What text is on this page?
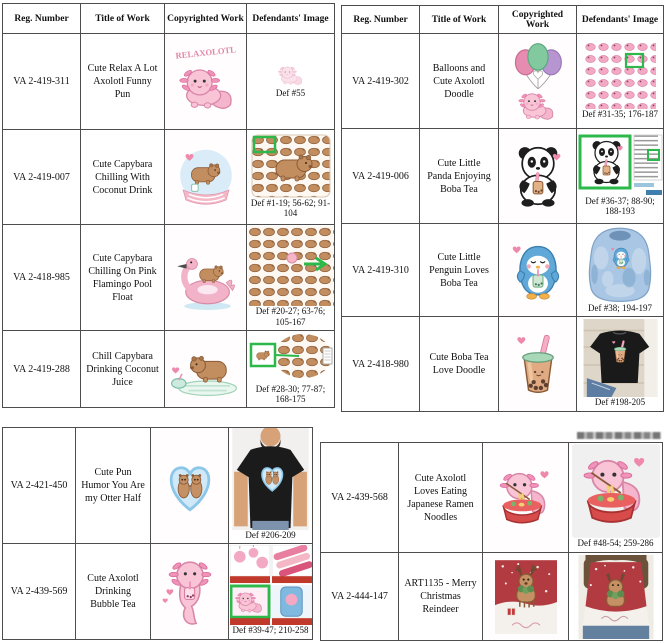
Reg. Number	Title of Work	Copyrighted Work	Defendants' Image
VA 2-419-311	Cute Relax A Lot Axolotl Funny Pun	RELAXOLOTL	Def #55

VA 2-419-007	Cute Capybara Chilling With Coconut Drink		Def #1-19; 56-62; 91-104

VA 2-418-985	Cute Capybara Chilling On Pink Flamingo Pool Float		Def #20-27; 63-76; 105-167

VA 2-419-288	Chill Capybara Drinking Coconut Juice		Def #28-30; 77-87; 168-175
Reg. Number	Title of Work	Copyrighted Work	Defendants' Image
VA 2-419-302	Balloons and Cute Axolotl Doodle		Def #31-35; 176-187

VA 2-419-006	Cute Little Panda Enjoying Boba Tea		Def #36-37; 88-90; 188-193

VA 2-419-310	Cute Little Penguin Loves Boba Tea		Def #38; 194-197

VA 2-418-980	Cute Boba Tea Love Doodle		Def #198-205
VA 2-421-450	Cute Pun Humor You Are my Otter Half		Def #206-209

VA 2-439-569	Cute Axolotl Drinking Bubble Tea		Def #39-47; 210-258
VA 2-439-568	Cute Axolotl Loves Eating Japanese Ramen Noodles		Def #48-54; 259-286

VA 2-444-147	ART1135 - Merry Christmas Reindeer	
